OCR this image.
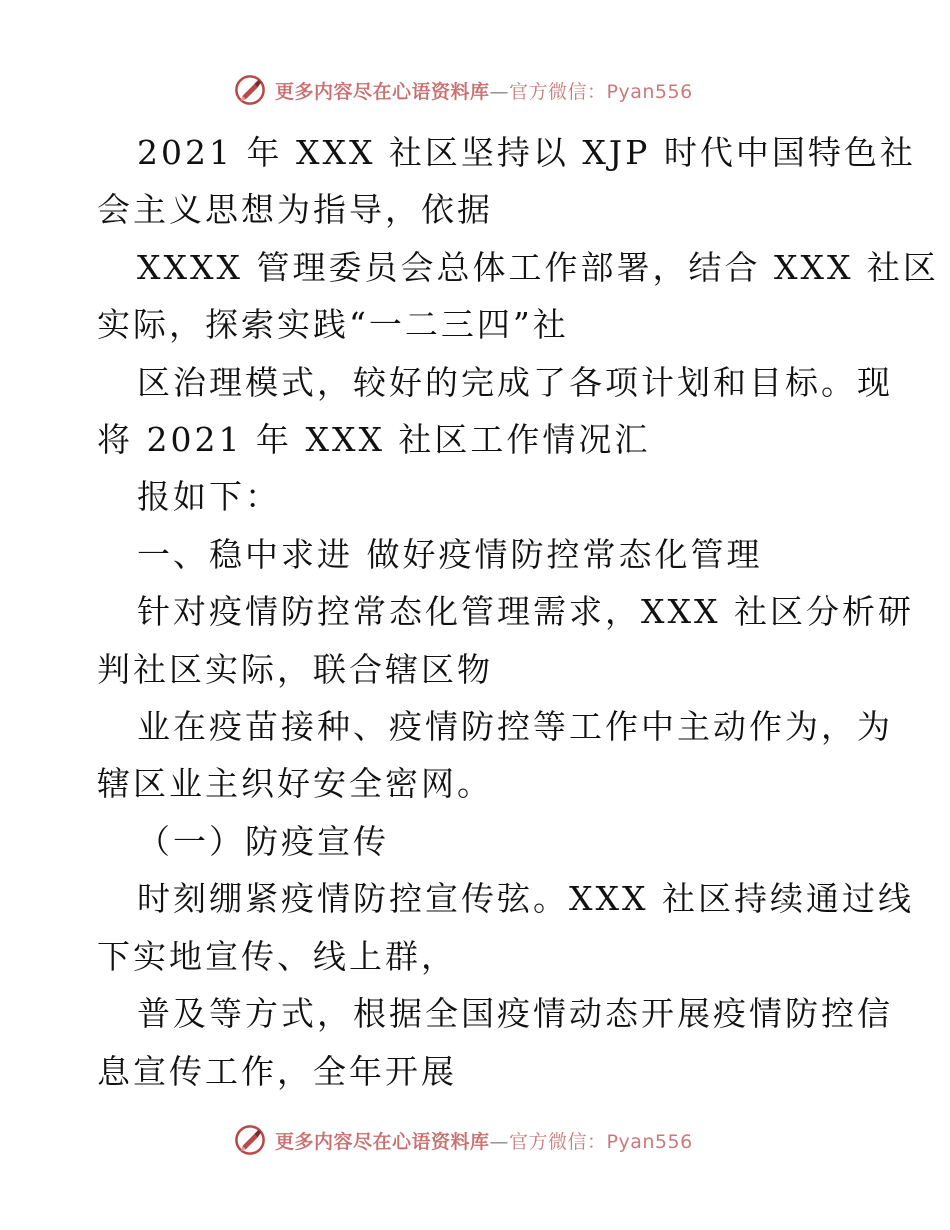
更多内容尽在心语资料库—官方微信：Pyan556

2021 年 XXX 社区坚持以 XJP 时代中国特色社
会主义思想为指导，依据
XXXX 管理委员会总体工作部署，结合 XXX 社区
实际，探索实践“一二三四”社
区治理模式，较好的完成了各项计划和目标。现
将 2021 年 XXX 社区工作情况汇
报如下：

一、稳中求进 做好疫情防控常态化管理

针对疫情防控常态化管理需求，XXX 社区分析研
判社区实际，联合辖区物
业在疫苗接种、疫情防控等工作中主动作为，为
辖区业主织好安全密网。

（一）防疫宣传

时刻绷紧疫情防控宣传弦。XXX 社区持续通过线
下实地宣传、线上群，
普及等方式，根据全国疫情动态开展疫情防控信
息宣传工作，全年开展

更多内容尽在心语资料库—官方微信：Pyan556
